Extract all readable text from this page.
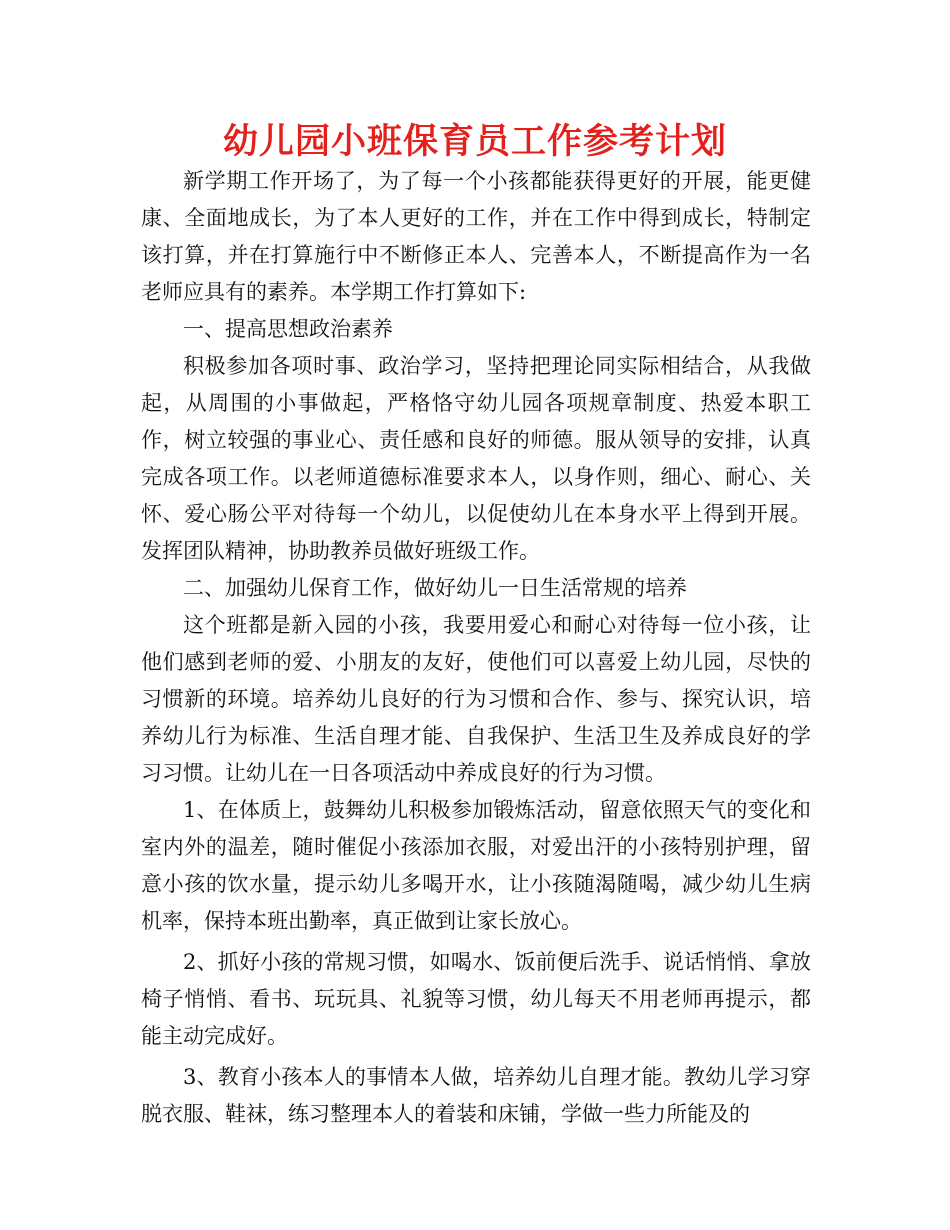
幼儿园小班保育员工作参考计划

新学期工作开场了，为了每一个小孩都能获得更好的开展，能更健康、全面地成长，为了本人更好的工作，并在工作中得到成长，特制定该打算，并在打算施行中不断修正本人、完善本人，不断提高作为一名老师应具有的素养。本学期工作打算如下:

一、提高思想政治素养

积极参加各项时事、政治学习，坚持把理论同实际相结合，从我做起，从周围的小事做起，严格恪守幼儿园各项规章制度、热爱本职工作，树立较强的事业心、责任感和良好的师德。服从领导的安排，认真完成各项工作。以老师道德标准要求本人，以身作则，细心、耐心、关怀、爱心肠公平对待每一个幼儿，以促使幼儿在本身水平上得到开展。发挥团队精神，协助教养员做好班级工作。

二、加强幼儿保育工作，做好幼儿一日生活常规的培养

这个班都是新入园的小孩，我要用爱心和耐心对待每一位小孩，让他们感到老师的爱、小朋友的友好，使他们可以喜爱上幼儿园，尽快的习惯新的环境。培养幼儿良好的行为习惯和合作、参与、探究认识，培养幼儿行为标准、生活自理才能、自我保护、生活卫生及养成良好的学习习惯。让幼儿在一日各项活动中养成良好的行为习惯。

1、在体质上，鼓舞幼儿积极参加锻炼活动，留意依照天气的变化和室内外的温差，随时催促小孩添加衣服，对爱出汗的小孩特别护理，留意小孩的饮水量，提示幼儿多喝开水，让小孩随渴随喝，减少幼儿生病机率，保持本班出勤率，真正做到让家长放心。

2、抓好小孩的常规习惯，如喝水、饭前便后洗手、说话悄悄、拿放椅子悄悄、看书、玩玩具、礼貌等习惯，幼儿每天不用老师再提示，都能主动完成好。

3、教育小孩本人的事情本人做，培养幼儿自理才能。教幼儿学习穿脱衣服、鞋袜，练习整理本人的着装和床铺，学做一些力所能及的
